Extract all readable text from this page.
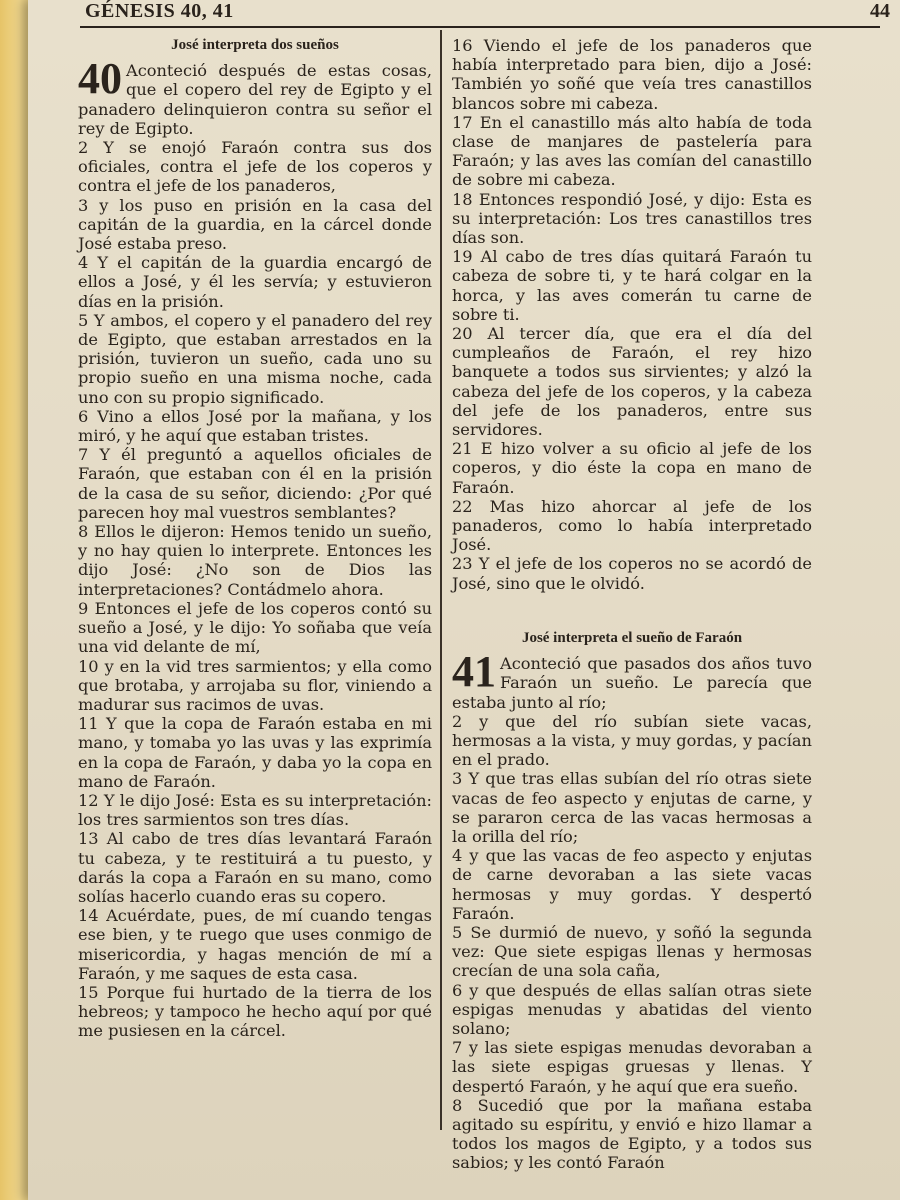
GÉNESIS 40, 41	44

José interpreta dos sueños

40 Aconteció después de estas cosas, que el copero del rey de Egipto y el panadero delinquieron contra su señor el rey de Egipto.

2 Y se enojó Faraón contra sus dos oficiales, contra el jefe de los coperos y contra el jefe de los panaderos,

3 y los puso en prisión en la casa del capitán de la guardia, en la cárcel donde José estaba preso.

4 Y el capitán de la guardia encargó de ellos a José, y él les servía; y estuvieron días en la prisión.

5 Y ambos, el copero y el panadero del rey de Egipto, que estaban arrestados en la prisión, tuvieron un sueño, cada uno su propio sueño en una misma noche, cada uno con su propio significado.

6 Vino a ellos José por la mañana, y los miró, y he aquí que estaban tristes.

7 Y él preguntó a aquellos oficiales de Faraón, que estaban con él en la prisión de la casa de su señor, diciendo: ¿Por qué parecen hoy mal vuestros semblantes?

8 Ellos le dijeron: Hemos tenido un sueño, y no hay quien lo interprete. Entonces les dijo José: ¿No son de Dios las interpretaciones? Contádmelo ahora.

9 Entonces el jefe de los coperos contó su sueño a José, y le dijo: Yo soñaba que veía una vid delante de mí,

10 y en la vid tres sarmientos; y ella como que brotaba, y arrojaba su flor, viniendo a madurar sus racimos de uvas.

11 Y que la copa de Faraón estaba en mi mano, y tomaba yo las uvas y las exprimía en la copa de Faraón, y daba yo la copa en mano de Faraón.

12 Y le dijo José: Esta es su interpretación: los tres sarmientos son tres días.

13 Al cabo de tres días levantará Faraón tu cabeza, y te restituirá a tu puesto, y darás la copa a Faraón en su mano, como solías hacerlo cuando eras su copero.

14 Acuérdate, pues, de mí cuando tengas ese bien, y te ruego que uses conmigo de misericordia, y hagas mención de mí a Faraón, y me saques de esta casa.

15 Porque fui hurtado de la tierra de los hebreos; y tampoco he hecho aquí por qué me pusiesen en la cárcel.

16 Viendo el jefe de los panaderos que había interpretado para bien, dijo a José: También yo soñé que veía tres canastillos blancos sobre mi cabeza.

17 En el canastillo más alto había de toda clase de manjares de pastelería para Faraón; y las aves las comían del canastillo de sobre mi cabeza.

18 Entonces respondió José, y dijo: Esta es su interpretación: Los tres canastillos tres días son.

19 Al cabo de tres días quitará Faraón tu cabeza de sobre ti, y te hará colgar en la horca, y las aves comerán tu carne de sobre ti.

20 Al tercer día, que era el día del cumpleaños de Faraón, el rey hizo banquete a todos sus sirvientes; y alzó la cabeza del jefe de los coperos, y la cabeza del jefe de los panaderos, entre sus servidores.

21 E hizo volver a su oficio al jefe de los coperos, y dio éste la copa en mano de Faraón.

22 Mas hizo ahorcar al jefe de los panaderos, como lo había interpretado José.

23 Y el jefe de los coperos no se acordó de José, sino que le olvidó.

José interpreta el sueño de Faraón

41 Aconteció que pasados dos años tuvo Faraón un sueño. Le parecía que estaba junto al río;

2 y que del río subían siete vacas, hermosas a la vista, y muy gordas, y pacían en el prado.

3 Y que tras ellas subían del río otras siete vacas de feo aspecto y enjutas de carne, y se pararon cerca de las vacas hermosas a la orilla del río;

4 y que las vacas de feo aspecto y enjutas de carne devoraban a las siete vacas hermosas y muy gordas. Y despertó Faraón.

5 Se durmió de nuevo, y soñó la segunda vez: Que siete espigas llenas y hermosas crecían de una sola caña,

6 y que después de ellas salían otras siete espigas menudas y abatidas del viento solano;

7 y las siete espigas menudas devoraban a las siete espigas gruesas y llenas. Y despertó Faraón, y he aquí que era sueño.

8 Sucedió que por la mañana estaba agitado su espíritu, y envió e hizo llamar a todos los magos de Egipto, y a todos sus sabios; y les contó Faraón
